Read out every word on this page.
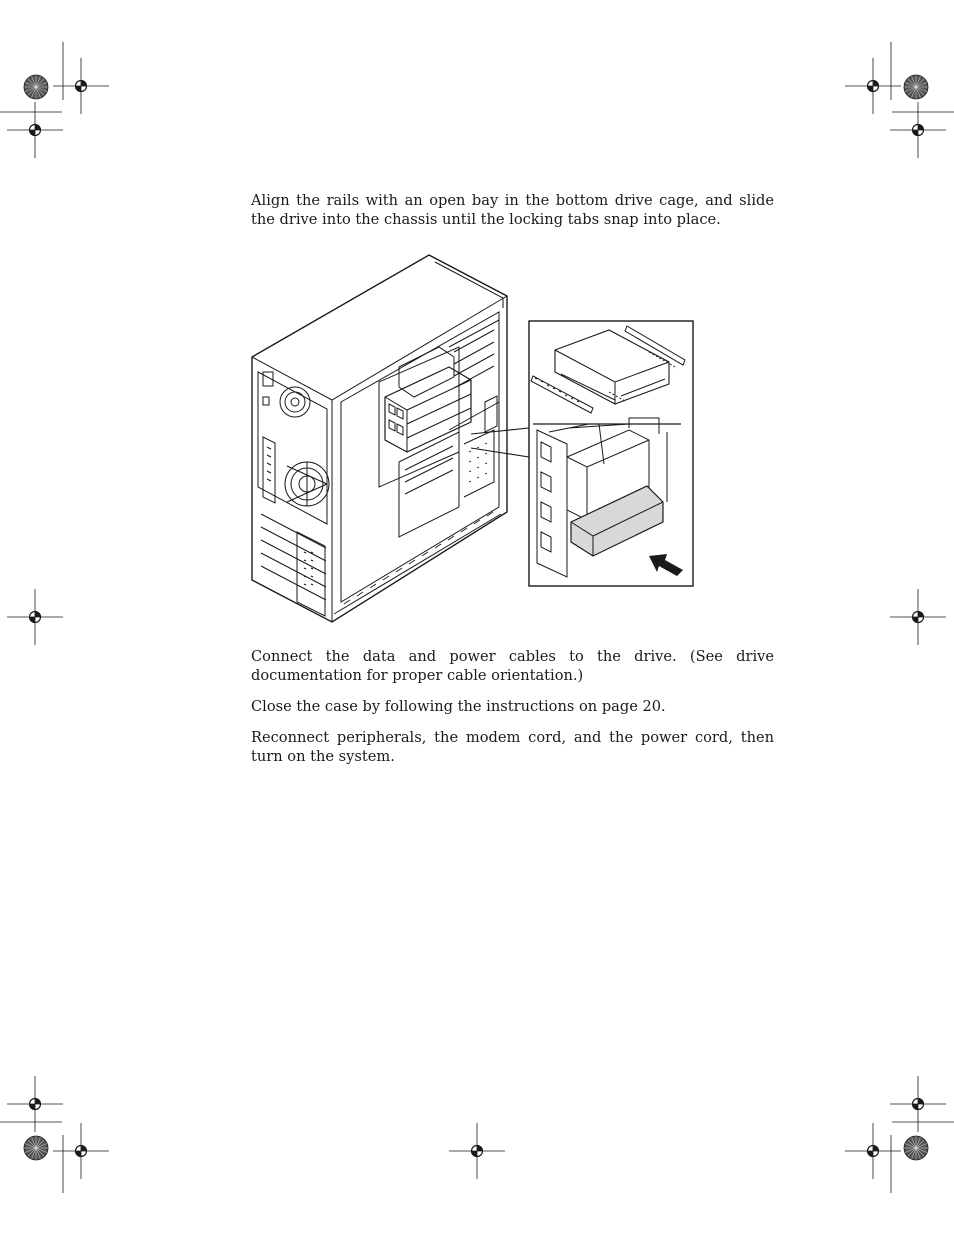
Align the rails with an open bay in the bottom drive cage, and slide the drive into the chassis until the locking tabs snap into place.

Connect the data and power cables to the drive. (See drive documentation for proper cable orientation.)

Close the case by following the instructions on page 20.

Reconnect peripherals, the modem cord, and the power cord, then turn on the system.
